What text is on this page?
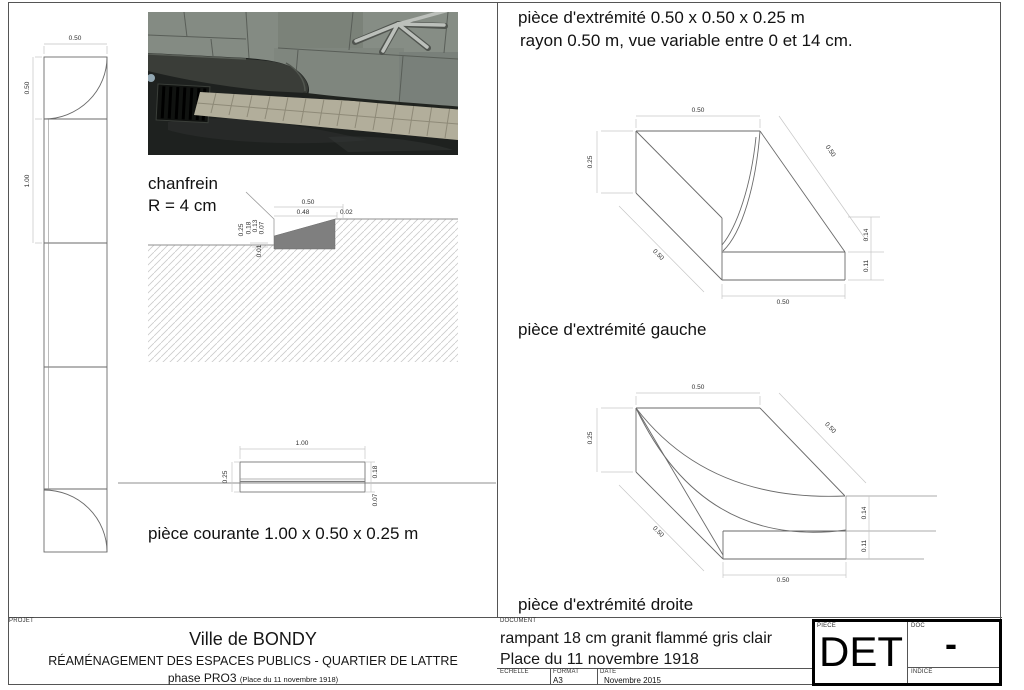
0.50
0.50
1.00
0.50
0.48	0.02
0.25 0.18 0.13 0.07
0.01
1.00
0.25	0.18
0.07
0.50
0.25
0.50
0.50
0.14
0.11
0.50
0.50
0.25
0.50
0.50
0.14
0.11
0.50
pièce d'extrémité 0.50 x 0.50 x 0.25 m
rayon 0.50 m, vue variable entre 0 et 14 cm.
chanfrein
R = 4 cm
pièce courante 1.00 x 0.50 x 0.25 m
pièce d'extrémité gauche
pièce d'extrémité droite
PROJET
Ville de BONDY
RÉAMÉNAGEMENT DES ESPACES PUBLICS - QUARTIER DE LATTRE
phase PRO3 (Place du 11 novembre 1918)
DOCUMENT
rampant 18 cm granit flammé gris clair
Place du 11 novembre 1918
ECHELLE	FORMAT
A3
DATE
Novembre 2015
PIECE
DET
DOC -
INDICE
